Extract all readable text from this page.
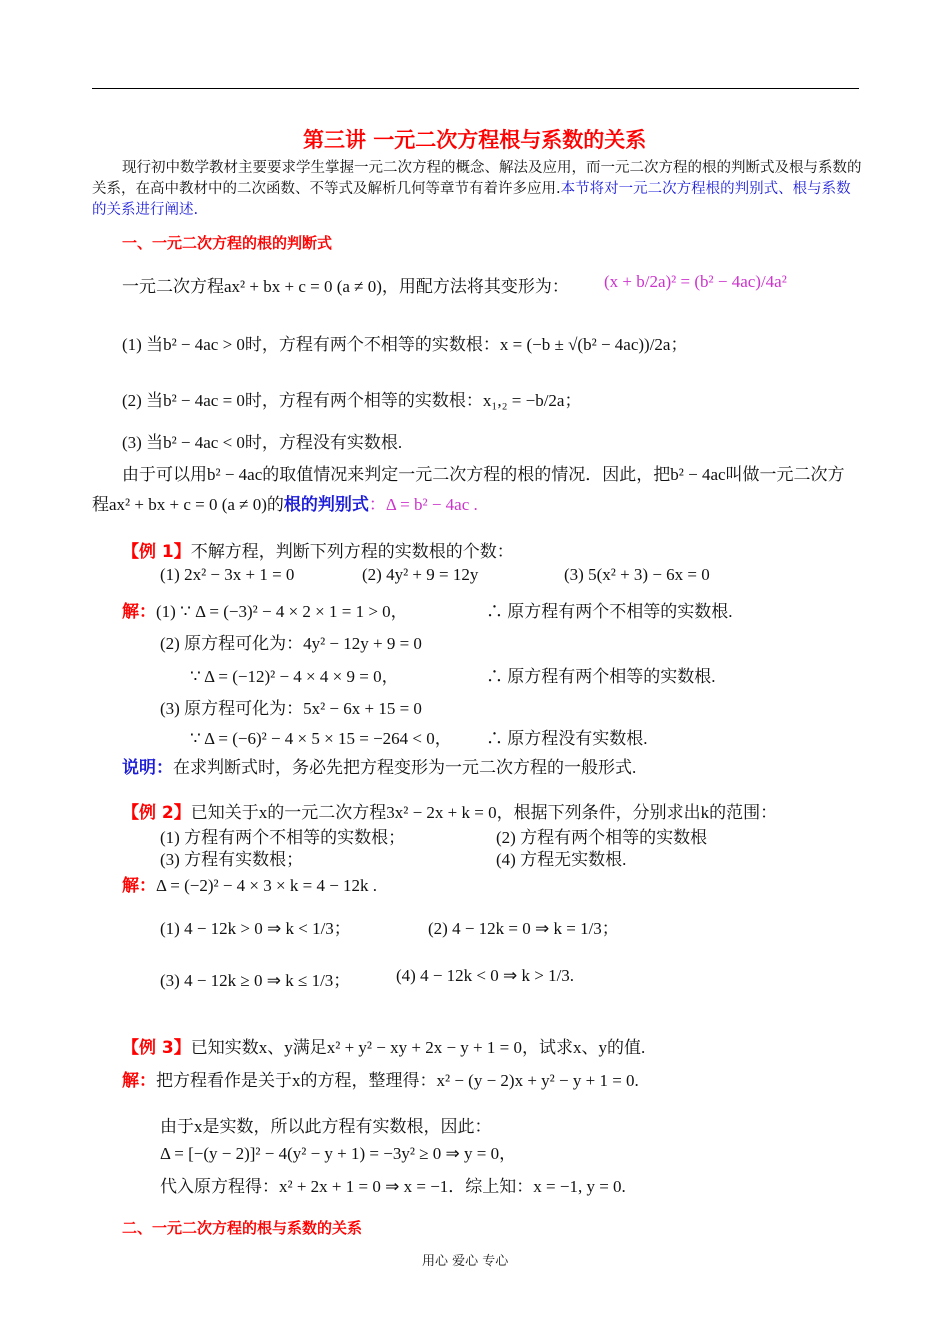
第三讲 一元二次方程根与系数的关系
现行初中数学教材主要要求学生掌握一元二次方程的概念、解法及应用，而一元二次方程的根的判断式及根与系数的关系，在高中教材中的二次函数、不等式及解析几何等章节有着许多应用.本节将对一元二次方程根的判别式、根与系数的关系进行阐述.
一、一元二次方程的根的判断式
一元二次方程ax² + bx + c = 0 (a ≠ 0)，用配方法将其变形为： (x + b/2a)² = (b² − 4ac)/4a²
(1) 当b² − 4ac > 0时，方程有两个不相等的实数根：x = (−b ± √(b² − 4ac))/2a；
(2) 当b² − 4ac = 0时，方程有两个相等的实数根：x₁,₂ = −b/2a；
(3) 当b² − 4ac < 0时，方程没有实数根.
由于可以用b² − 4ac的取值情况来判定一元二次方程的根的情况．因此，把b² − 4ac叫做一元二次方
程ax² + bx + c = 0 (a ≠ 0)的根的判别式：Δ = b² − 4ac .
【例 1】不解方程，判断下列方程的实数根的个数：
(1) 2x² − 3x + 1 = 0	(2) 4y² + 9 = 12y	(3) 5(x² + 3) − 6x = 0
解：(1) ∵ Δ = (−3)² − 4 × 2 × 1 = 1 > 0，	∴ 原方程有两个不相等的实数根.
(2) 原方程可化为：4y² − 12y + 9 = 0
∵ Δ = (−12)² − 4 × 4 × 9 = 0，	∴ 原方程有两个相等的实数根.
(3) 原方程可化为：5x² − 6x + 15 = 0
∵ Δ = (−6)² − 4 × 5 × 15 = −264 < 0， ∴ 原方程没有实数根.
说明：在求判断式时，务必先把方程变形为一元二次方程的一般形式.
【例 2】已知关于x的一元二次方程3x² − 2x + k = 0，根据下列条件，分别求出k的范围：
(1) 方程有两个不相等的实数根；	(2) 方程有两个相等的实数根
(3) 方程有实数根；	(4) 方程无实数根.
解：Δ = (−2)² − 4 × 3 × k = 4 − 12k .
(1) 4 − 12k > 0 ⇒ k < 1/3；	(2) 4 − 12k = 0 ⇒ k = 1/3；
(3) 4 − 12k ≥ 0 ⇒ k ≤ 1/3；	(4) 4 − 12k < 0 ⇒ k > 1/3.
【例 3】已知实数x、y满足x² + y² − xy + 2x − y + 1 = 0，试求x、y的值.
解：把方程看作是关于x的方程，整理得：x² − (y − 2)x + y² − y + 1 = 0.
由于x是实数，所以此方程有实数根，因此：
Δ = [−(y − 2)]² − 4(y² − y + 1) = −3y² ≥ 0 ⇒ y = 0，
代入原方程得：x² + 2x + 1 = 0 ⇒ x = −1．综上知：x = −1, y = 0.
二、一元二次方程的根与系数的关系
用心 爱心 专心
